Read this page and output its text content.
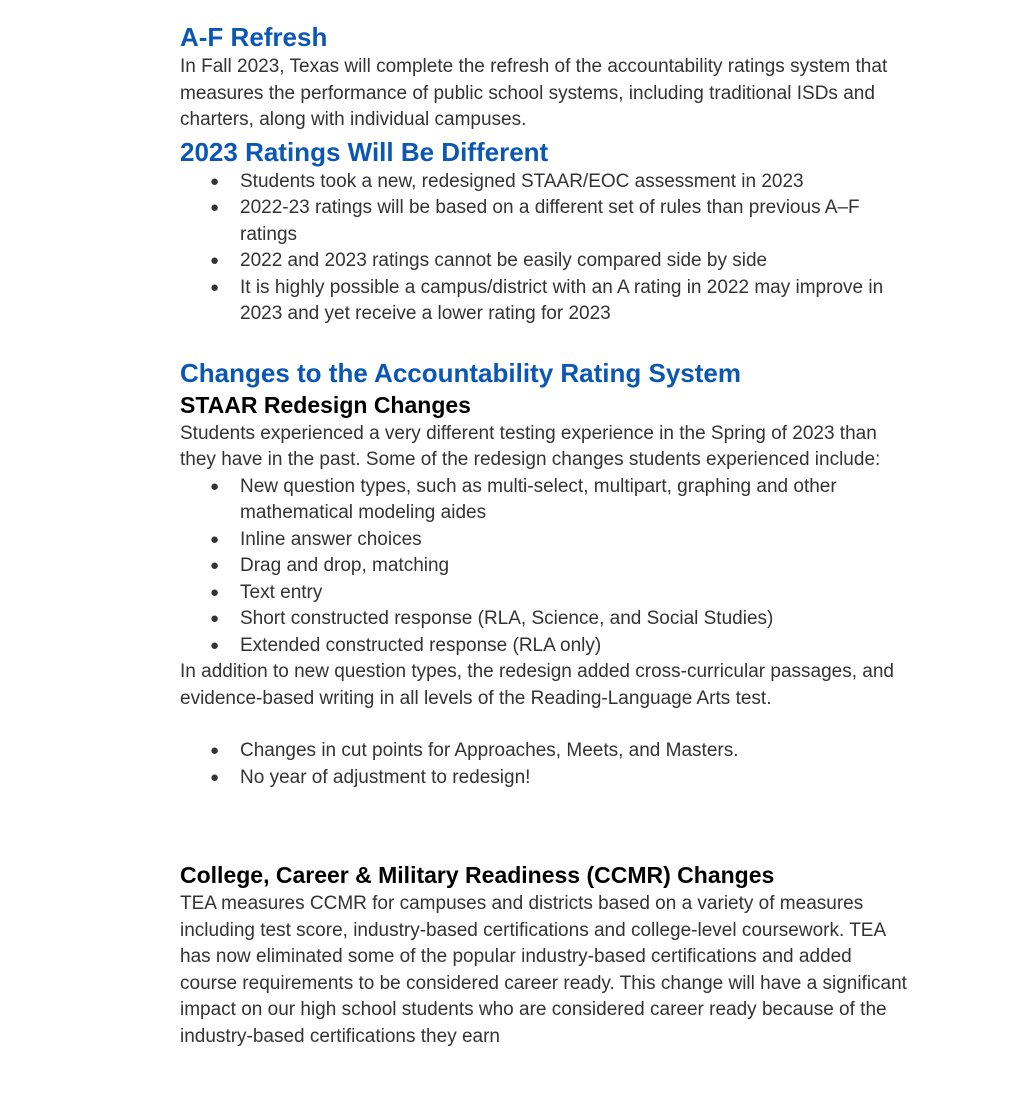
A-F Refresh

In Fall 2023, Texas will complete the refresh of the accountability ratings system that measures the performance of public school systems, including traditional ISDs and charters, along with individual campuses.

2023 Ratings Will Be Different
● Students took a new, redesigned STAAR/EOC assessment in 2023
● 2022-23 ratings will be based on a different set of rules than previous A–F ratings
● 2022 and 2023 ratings cannot be easily compared side by side
● It is highly possible a campus/district with an A rating in 2022 may improve in 2023 and yet receive a lower rating for 2023
Changes to the Accountability Rating System
STAAR Redesign Changes

Students experienced a very different testing experience in the Spring of 2023 than they have in the past. Some of the redesign changes students experienced include:

● New question types, such as multi-select, multipart, graphing and other mathematical modeling aides
● Inline answer choices
● Drag and drop, matching
● Text entry
● Short constructed response (RLA, Science, and Social Studies)
● Extended constructed response (RLA only)

In addition to new question types, the redesign added cross-curricular passages, and evidence-based writing in all levels of the Reading-Language Arts test.

● Changes in cut points for Approaches, Meets, and Masters.
● No year of adjustment to redesign!
College, Career & Military Readiness (CCMR) Changes

TEA measures CCMR for campuses and districts based on a variety of measures including test score, industry-based certifications and college-level coursework. TEA has now eliminated some of the popular industry-based certifications and added course requirements to be considered career ready. This change will have a significant impact on our high school students who are considered career ready because of the industry-based certifications they earn
